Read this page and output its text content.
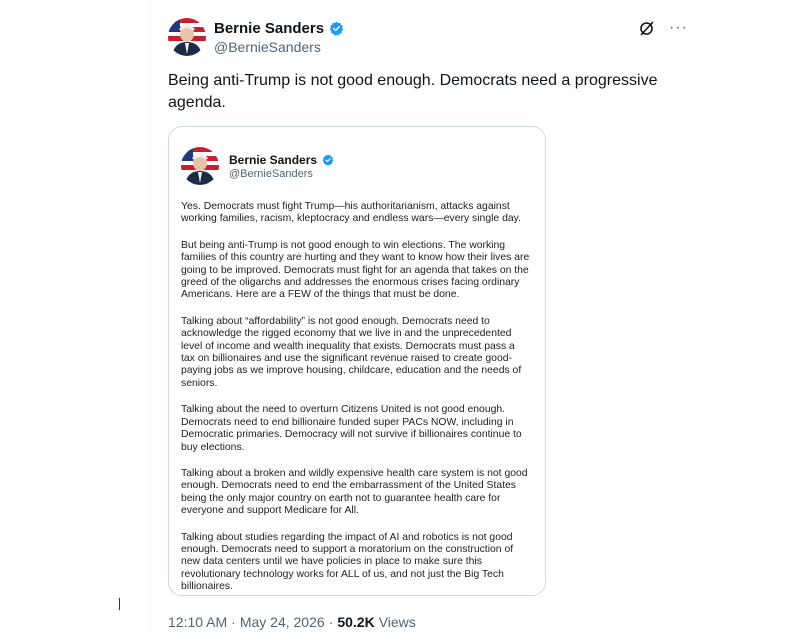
Bernie Sanders
@BernieSanders
···
Being anti-Trump is not good enough. Democrats need a progressive agenda.
Bernie Sanders
@BernieSanders

Yes. Democrats must fight Trump—his authoritarianism, attacks against working families, racism, kleptocracy and endless wars—every single day.

But being anti-Trump is not good enough to win elections. The working families of this country are hurting and they want to know how their lives are going to be improved. Democrats must fight for an agenda that takes on the greed of the oligarchs and addresses the enormous crises facing ordinary Americans. Here are a FEW of the things that must be done.

Talking about “affordability” is not good enough. Democrats need to acknowledge the rigged economy that we live in and the unprecedented level of income and wealth inequality that exists. Democrats must pass a tax on billionaires and use the significant revenue raised to create good-paying jobs as we improve housing, childcare, education and the needs of seniors.

Talking about the need to overturn Citizens United is not good enough. Democrats need to end billionaire funded super PACs NOW, including in Democratic primaries. Democracy will not survive if billionaires continue to buy elections.

Talking about a broken and wildly expensive health care system is not good enough. Democrats need to end the embarrassment of the United States being the only major country on earth not to guarantee health care for everyone and support Medicare for All.

Talking about studies regarding the impact of AI and robotics is not good enough. Democrats need to support a moratorium on the construction of new data centers until we have policies in place to make sure this revolutionary technology works for ALL of us, and not just the Big Tech billionaires.

12:10 AM · May 24, 2026 · 50.2K Views
